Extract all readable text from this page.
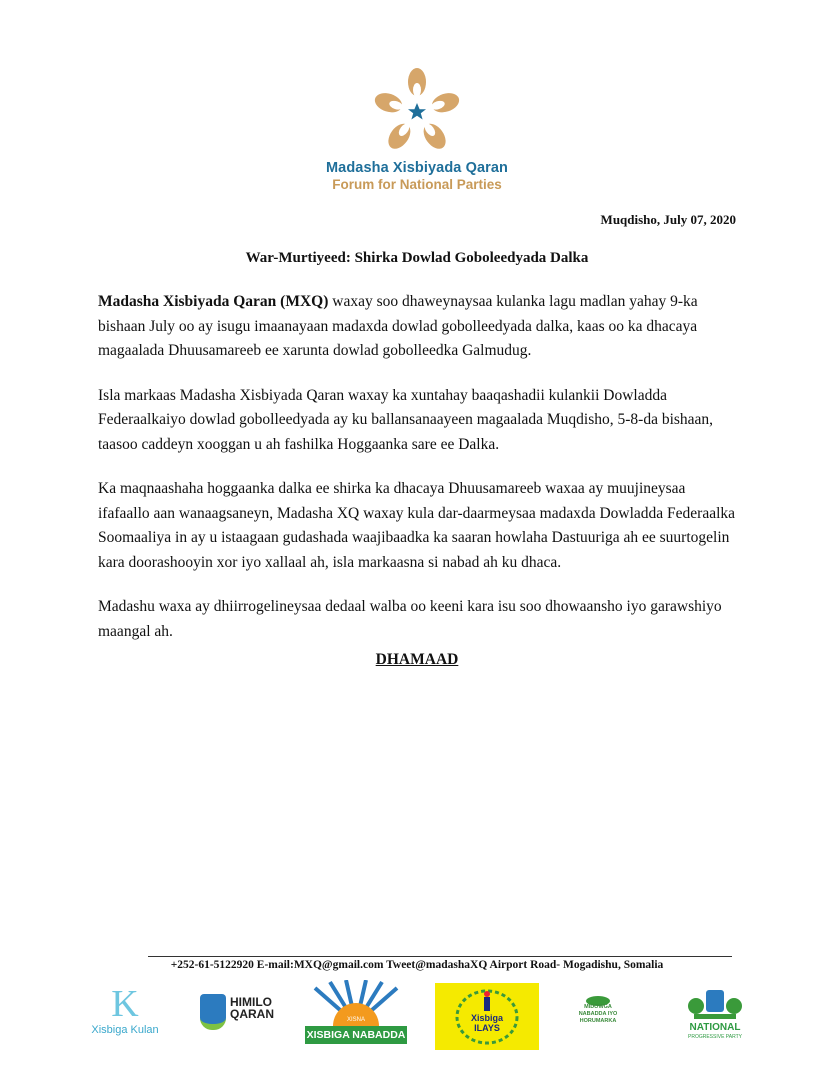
Madasha Xisbiyada Qaran
Forum for National Parties
Muqdisho, July 07, 2020
War-Murtiyeed: Shirka Dowlad Goboleedyada Dalka

Madasha Xisbiyada Qaran (MXQ) waxay soo dhaweynaysaa kulanka lagu madlan yahay 9-ka bishaan July oo ay isugu imaanayaan madaxda dowlad gobolleedyada dalka, kaas oo ka dhacaya magaalada Dhuusamareeb ee xarunta dowlad gobolleedka Galmudug.

Isla markaas Madasha Xisbiyada Qaran waxay ka xuntahay baaqashadii kulankii Dowladda Federaalkaiyo dowlad gobolleedyada ay ku ballansanaayeen magaalada Muqdisho, 5-8-da bishaan, taasoo caddeyn xooggan u ah fashilka Hoggaanka sare ee Dalka.

Ka maqnaashaha hoggaanka dalka ee shirka ka dhacaya Dhuusamareeb waxaa ay muujineysaa ifafaallo aan wanaagsaneyn, Madasha XQ waxay kula dar-daarmeysaa madaxda Dowladda Federaalka Soomaaliya in ay u istaagaan gudashada waajibaadka ka saaran howlaha Dastuuriga ah ee suurtogelin kara doorashooyin xor iyo xallaal ah, isla markaasna si nabad ah ku dhaca.

Madashu waxa ay dhiirrogelineysaa dedaal walba oo keeni kara isu soo dhowaansho iyo garawshiyo maangal ah.

DHAMAAD
+252-61-5122920 E-mail:MXQ@gmail.com Tweet@madashaXQ Airport Road- Mogadishu, Somalia
K
Xisbiga Kulan
HIMILO
QARAN	XISNA
XISBIGA NABADDA
Xisbiga
ILAYS
MIDOWGA
NABADDA IYO
HORUMARKA
NATIONAL
PROGRESSIVE PARTY
